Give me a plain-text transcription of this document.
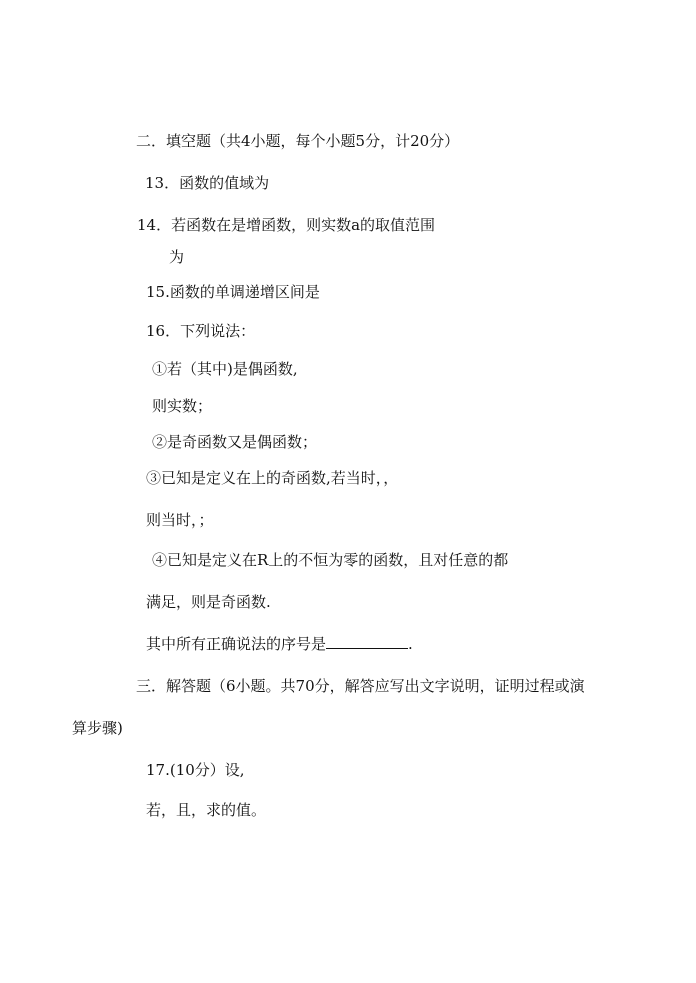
二．填空题（共4小题，每个小题5分，计20分）
13．函数的值域为
14．若函数在是增函数，则实数a的取值范围
为
15.函数的单调递增区间是
16．下列说法：
①若（其中)是偶函数,
则实数；
②是奇函数又是偶函数；
③已知是定义在上的奇函数,若当时，，
则当时，；
④已知是定义在R上的不恒为零的函数，且对任意的都
满足，则是奇函数.
其中所有正确说法的序号是	.
三．解答题（6小题。共70分，解答应写出文字说明，证明过程或演
算步骤)
17.(10分）设,
若，且，求的值。
